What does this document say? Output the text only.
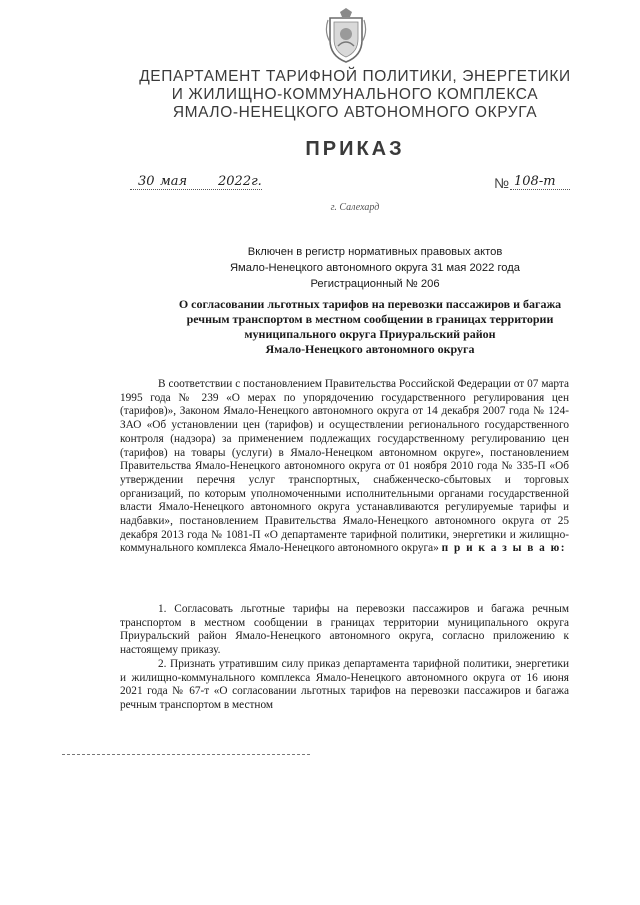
ДЕПАРТАМЕНТ ТАРИФНОЙ ПОЛИТИКИ, ЭНЕРГЕТИКИ
И ЖИЛИЩНО-КОММУНАЛЬНОГО КОМПЛЕКСА
ЯМАЛО-НЕНЕЦКОГО АВТОНОМНОГО ОКРУГА
ПРИКАЗ
30 мая 2022г.	№ 108-т
г. Салехард
Включен в регистр нормативных правовых актов
Ямало-Ненецкого автономного округа 31 мая 2022 года
Регистрационный № 206
О согласовании льготных тарифов на перевозки пассажиров и багажа
речным транспортом в местном сообщении в границах территории
муниципального округа Приуральский район
Ямало-Ненецкого автономного округа

В соответствии с постановлением Правительства Российской Федерации от 07 марта 1995 года № 239 «О мерах по упорядочению государственного регулирования цен (тарифов)», Законом Ямало-Ненецкого автономного округа от 14 декабря 2007 года № 124-ЗАО «Об установлении цен (тарифов) и осуществлении регионального государственного контроля (надзора) за применением подлежащих государственному регулированию цен (тарифов) на товары (услуги) в Ямало-Ненецком автономном округе», постановлением Правительства Ямало-Ненецкого автономного округа от 01 ноября 2010 года № 335-П «Об утверждении перечня услуг транспортных, снабженческо-сбытовых и торговых организаций, по которым уполномоченными исполнительными органами государственной власти Ямало-Ненецкого автономного округа устанавливаются регулируемые тарифы и надбавки», постановлением Правительства Ямало-Ненецкого автономного округа от 25 декабря 2013 года № 1081-П «О департаменте тарифной политики, энергетики и жилищно-коммунального комплекса Ямало-Ненецкого автономного округа» п р и к а з ы в а ю:

1. Согласовать льготные тарифы на перевозки пассажиров и багажа речным транспортом в местном сообщении в границах территории муниципального округа Приуральский район Ямало-Ненецкого автономного округа, согласно приложению к настоящему приказу.

2. Признать утратившим силу приказ департамента тарифной политики, энергетики и жилищно-коммунального комплекса Ямало-Ненецкого автономного округа от 16 июня 2021 года № 67-т «О согласовании льготных тарифов на перевозки пассажиров и багажа речным транспортом в местном
